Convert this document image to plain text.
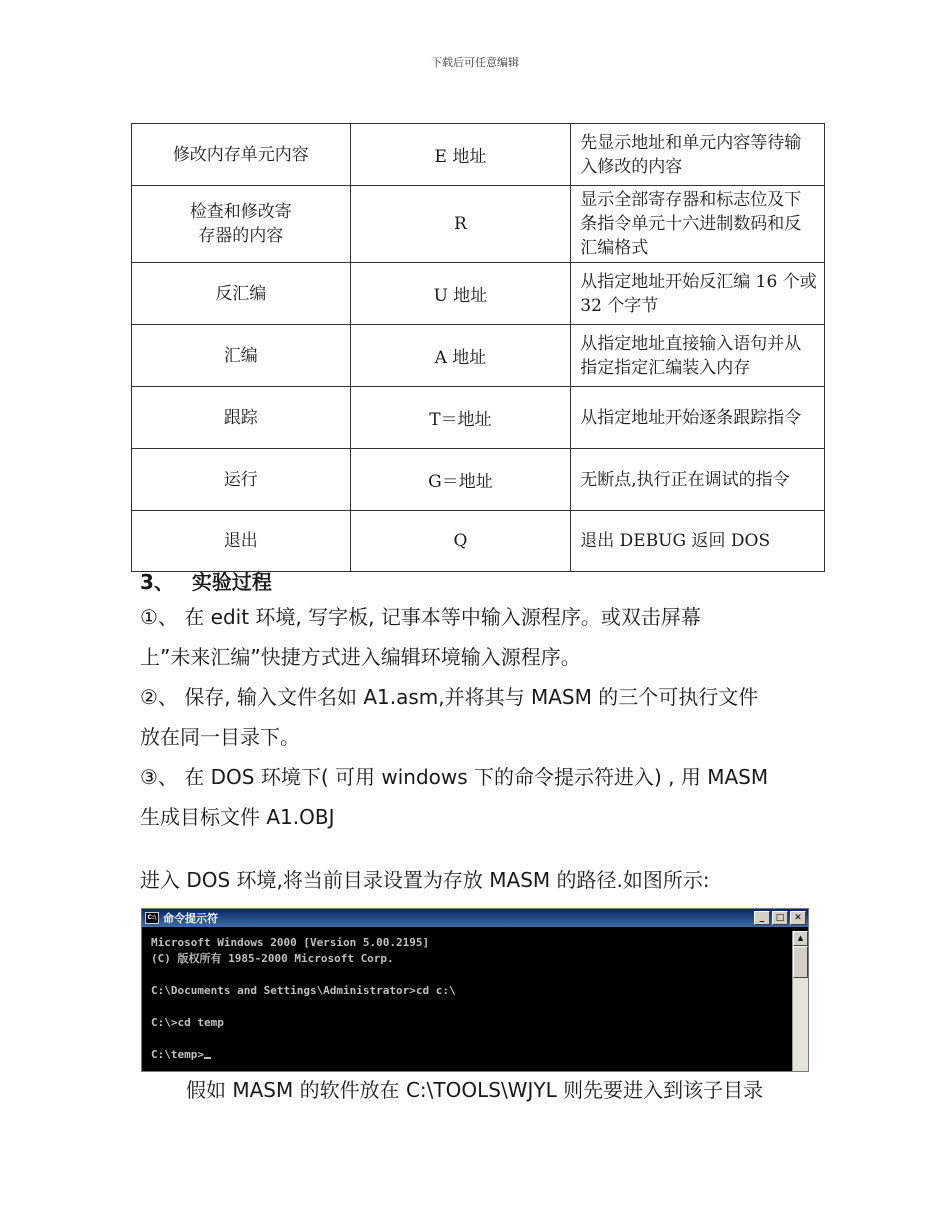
下载后可任意编辑
修改内存单元内容	E 地址	先显示地址和单元内容等待输入修改的内容

检查和修改寄
存器的内容	R	显示全部寄存器和标志位及下条指令单元十六进制数码和反汇编格式

反汇编	U 地址	从指定地址开始反汇编 16 个或 32 个字节

汇编	A 地址	从指定地址直接输入语句并从指定指定汇编装入内存

跟踪	T＝地址	从指定地址开始逐条跟踪指令

运行	G＝地址	无断点,执行正在调试的指令

退出	Q	退出 DEBUG 返回 DOS
3、 实验过程
①、 在 edit 环境, 写字板, 记事本等中输入源程序。或双击屏幕
上”未来汇编”快捷方式进入编辑环境输入源程序。
②、 保存, 输入文件名如 A1.asm,并将其与 MASM 的三个可执行文件
放在同一目录下。
③、 在 DOS 环境下( 可用 windows 下的命令提示符进入) , 用 MASM
生成目标文件 A1.OBJ
进入 DOS 环境,将当前目录设置为存放 MASM 的路径.如图所示:
C:\ 命令提示符	_	□	✕
Microsoft Windows 2000 [Version 5.00.2195]
(C) 版权所有 1985-2000 Microsoft Corp.
C:\Documents and Settings\Administrator>cd c:\
C:\>cd temp
C:\temp>
▲
假如 MASM 的软件放在 C:\TOOLS\WJYL 则先要进入到该子目录
